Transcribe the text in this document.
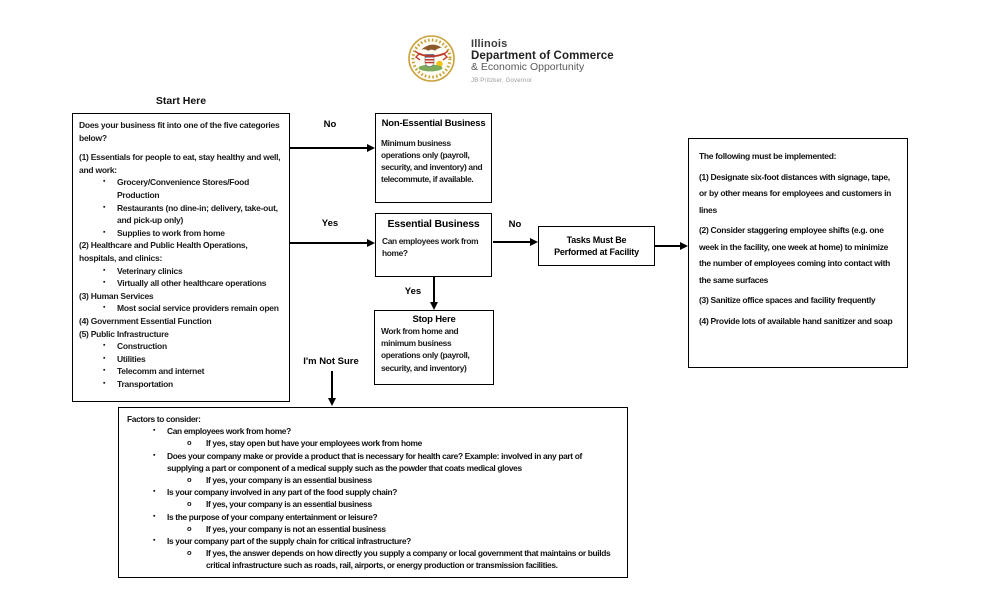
Illinois
Department of Commerce
& Economic Opportunity
JB Pritzker, Governor
Start Here
Does your business fit into one of the five categories below?
(1) Essentials for people to eat, stay healthy and well, and work:
▪ Grocery/Convenience Stores/Food Production
▪ Restaurants (no dine-in; delivery, take-out, and pick-up only)
▪ Supplies to work from home
(2) Healthcare and Public Health Operations, hospitals, and clinics:
▪ Veterinary clinics
▪ Virtually all other healthcare operations
(3) Human Services
▪ Most social service providers remain open
(4) Government Essential Function
(5) Public Infrastructure
▪ Construction
▪ Utilities
▪ Telecomm and internet
▪ Transportation
No	Non-Essential Business
Minimum business operations only (payroll, security, and inventory) and telecommute, if available.
Yes	Essential Business
Can employees work from home?
No
Tasks Must Be
Performed at Facility
The following must be implemented:
(1) Designate six-foot distances with signage, tape, or by other means for employees and customers in lines
(2) Consider staggering employee shifts (e.g. one week in the facility, one week at home) to minimize the number of employees coming into contact with the same surfaces
(3) Sanitize office spaces and facility frequently
(4) Provide lots of available hand sanitizer and soap
Yes
Stop Here
Work from home and minimum business operations only (payroll, security, and inventory)
I'm Not Sure
Factors to consider:
▪ Can employees work from home?
o If yes, stay open but have your employees work from home
▪ Does your company make or provide a product that is necessary for health care? Example: involved in any part of supplying a part or component of a medical supply such as the powder that coats medical gloves
o If yes, your company is an essential business
▪ Is your company involved in any part of the food supply chain?
o If yes, your company is an essential business
▪ Is the purpose of your company entertainment or leisure?
o If yes, your company is not an essential business
▪ Is your company part of the supply chain for critical infrastructure?
o If yes, the answer depends on how directly you supply a company or local government that maintains or builds critical infrastructure such as roads, rail, airports, or energy production or transmission facilities.
